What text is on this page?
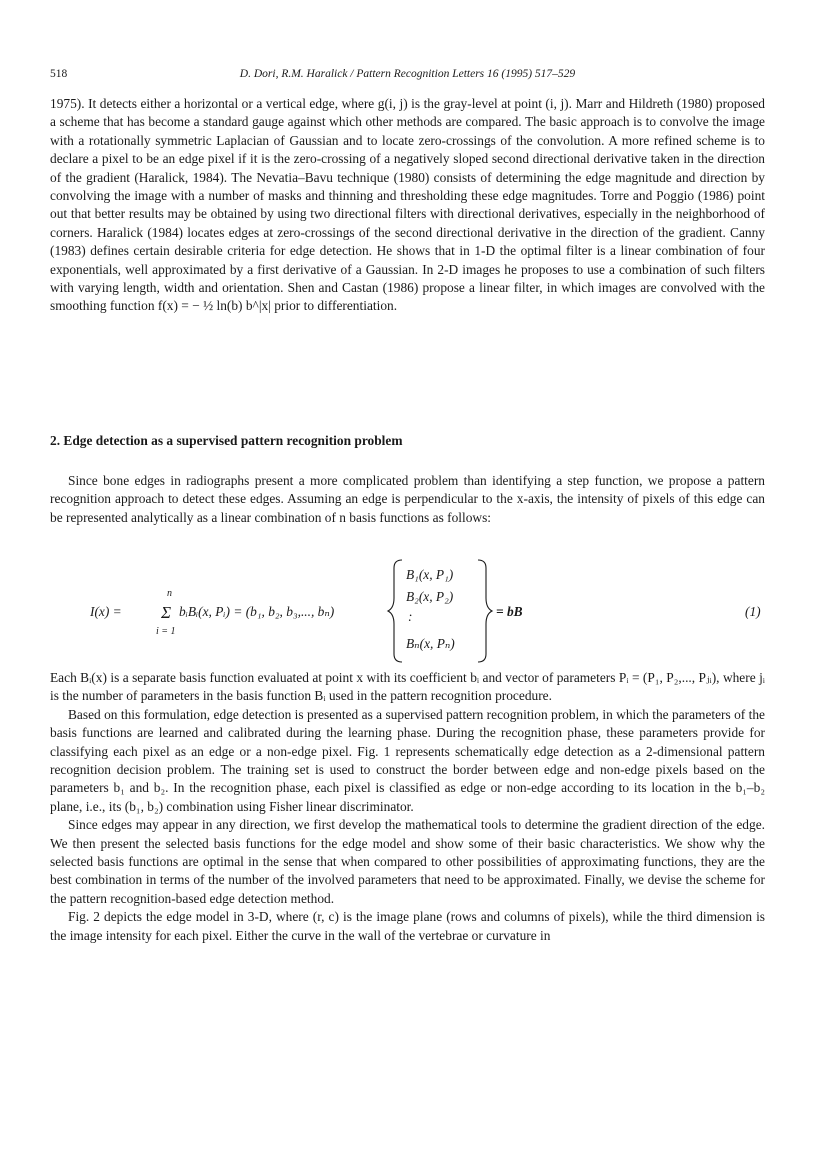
518	D. Dori, R.M. Haralick / Pattern Recognition Letters 16 (1995) 517–529

1975). It detects either a horizontal or a vertical edge, where g(i, j) is the gray-level at point (i, j). Marr and Hildreth (1980) proposed a scheme that has become a standard gauge against which other methods are compared. The basic approach is to convolve the image with a rotationally symmetric Laplacian of Gaussian and to locate zero-crossings of the convolution. A more refined scheme is to declare a pixel to be an edge pixel if it is the zero-crossing of a negatively sloped second directional derivative taken in the direction of the gradient (Haralick, 1984). The Nevatia–Bavu technique (1980) consists of determining the edge magnitude and direction by convolving the image with a number of masks and thinning and thresholding these edge magnitudes. Torre and Poggio (1986) point out that better results may be obtained by using two directional filters with directional derivatives, especially in the neighborhood of corners. Haralick (1984) locates edges at zero-crossings of the second directional derivative in the direction of the gradient. Canny (1983) defines certain desirable criteria for edge detection. He shows that in 1-D the optimal filter is a linear combination of four exponentials, well approximated by a first derivative of a Gaussian. In 2-D images he proposes to use a combination of such filters with varying length, width and orientation. Shen and Castan (1986) propose a linear filter, in which images are convolved with the smoothing function f(x) = − ½ ln(b) b^|x| prior to differentiation.

2. Edge detection as a supervised pattern recognition problem

Since bone edges in radiographs present a more complicated problem than identifying a step function, we propose a pattern recognition approach to detect these edges. Assuming an edge is perpendicular to the x-axis, the intensity of pixels of this edge can be represented analytically as a linear combination of n basis functions as follows:

I(x) =
n
Σ
i = 1
bᵢBᵢ(x, Pᵢ) = (b₁, b₂, b₃,..., bₙ)
B₁(x, P₁)
B₂(x, P₂)
:
Bₙ(x, Pₙ)
= bB	(1)

Each Bᵢ(x) is a separate basis function evaluated at point x with its coefficient bᵢ and vector of parameters Pᵢ = (P₁, P₂,..., Pⱼᵢ), where jᵢ is the number of parameters in the basis function Bᵢ used in the pattern recognition procedure.

Based on this formulation, edge detection is presented as a supervised pattern recognition problem, in which the parameters of the basis functions are learned and calibrated during the learning phase. During the recognition phase, these parameters provide for classifying each pixel as an edge or a non-edge pixel. Fig. 1 represents schematically edge detection as a 2-dimensional pattern recognition decision problem. The training set is used to construct the border between edge and non-edge pixels based on the parameters b₁ and b₂. In the recognition phase, each pixel is classified as edge or non-edge according to its location in the b₁–b₂ plane, i.e., its (b₁, b₂) combination using Fisher linear discriminator.

Since edges may appear in any direction, we first develop the mathematical tools to determine the gradient direction of the edge. We then present the selected basis functions for the edge model and show some of their basic characteristics. We show why the selected basis functions are optimal in the sense that when compared to other possibilities of approximating functions, they are the best combination in terms of the number of the involved parameters that need to be approximated. Finally, we devise the scheme for the pattern recognition-based edge detection method.

Fig. 2 depicts the edge model in 3-D, where (r, c) is the image plane (rows and columns of pixels), while the third dimension is the image intensity for each pixel. Either the curve in the wall of the vertebrae or curvature in
